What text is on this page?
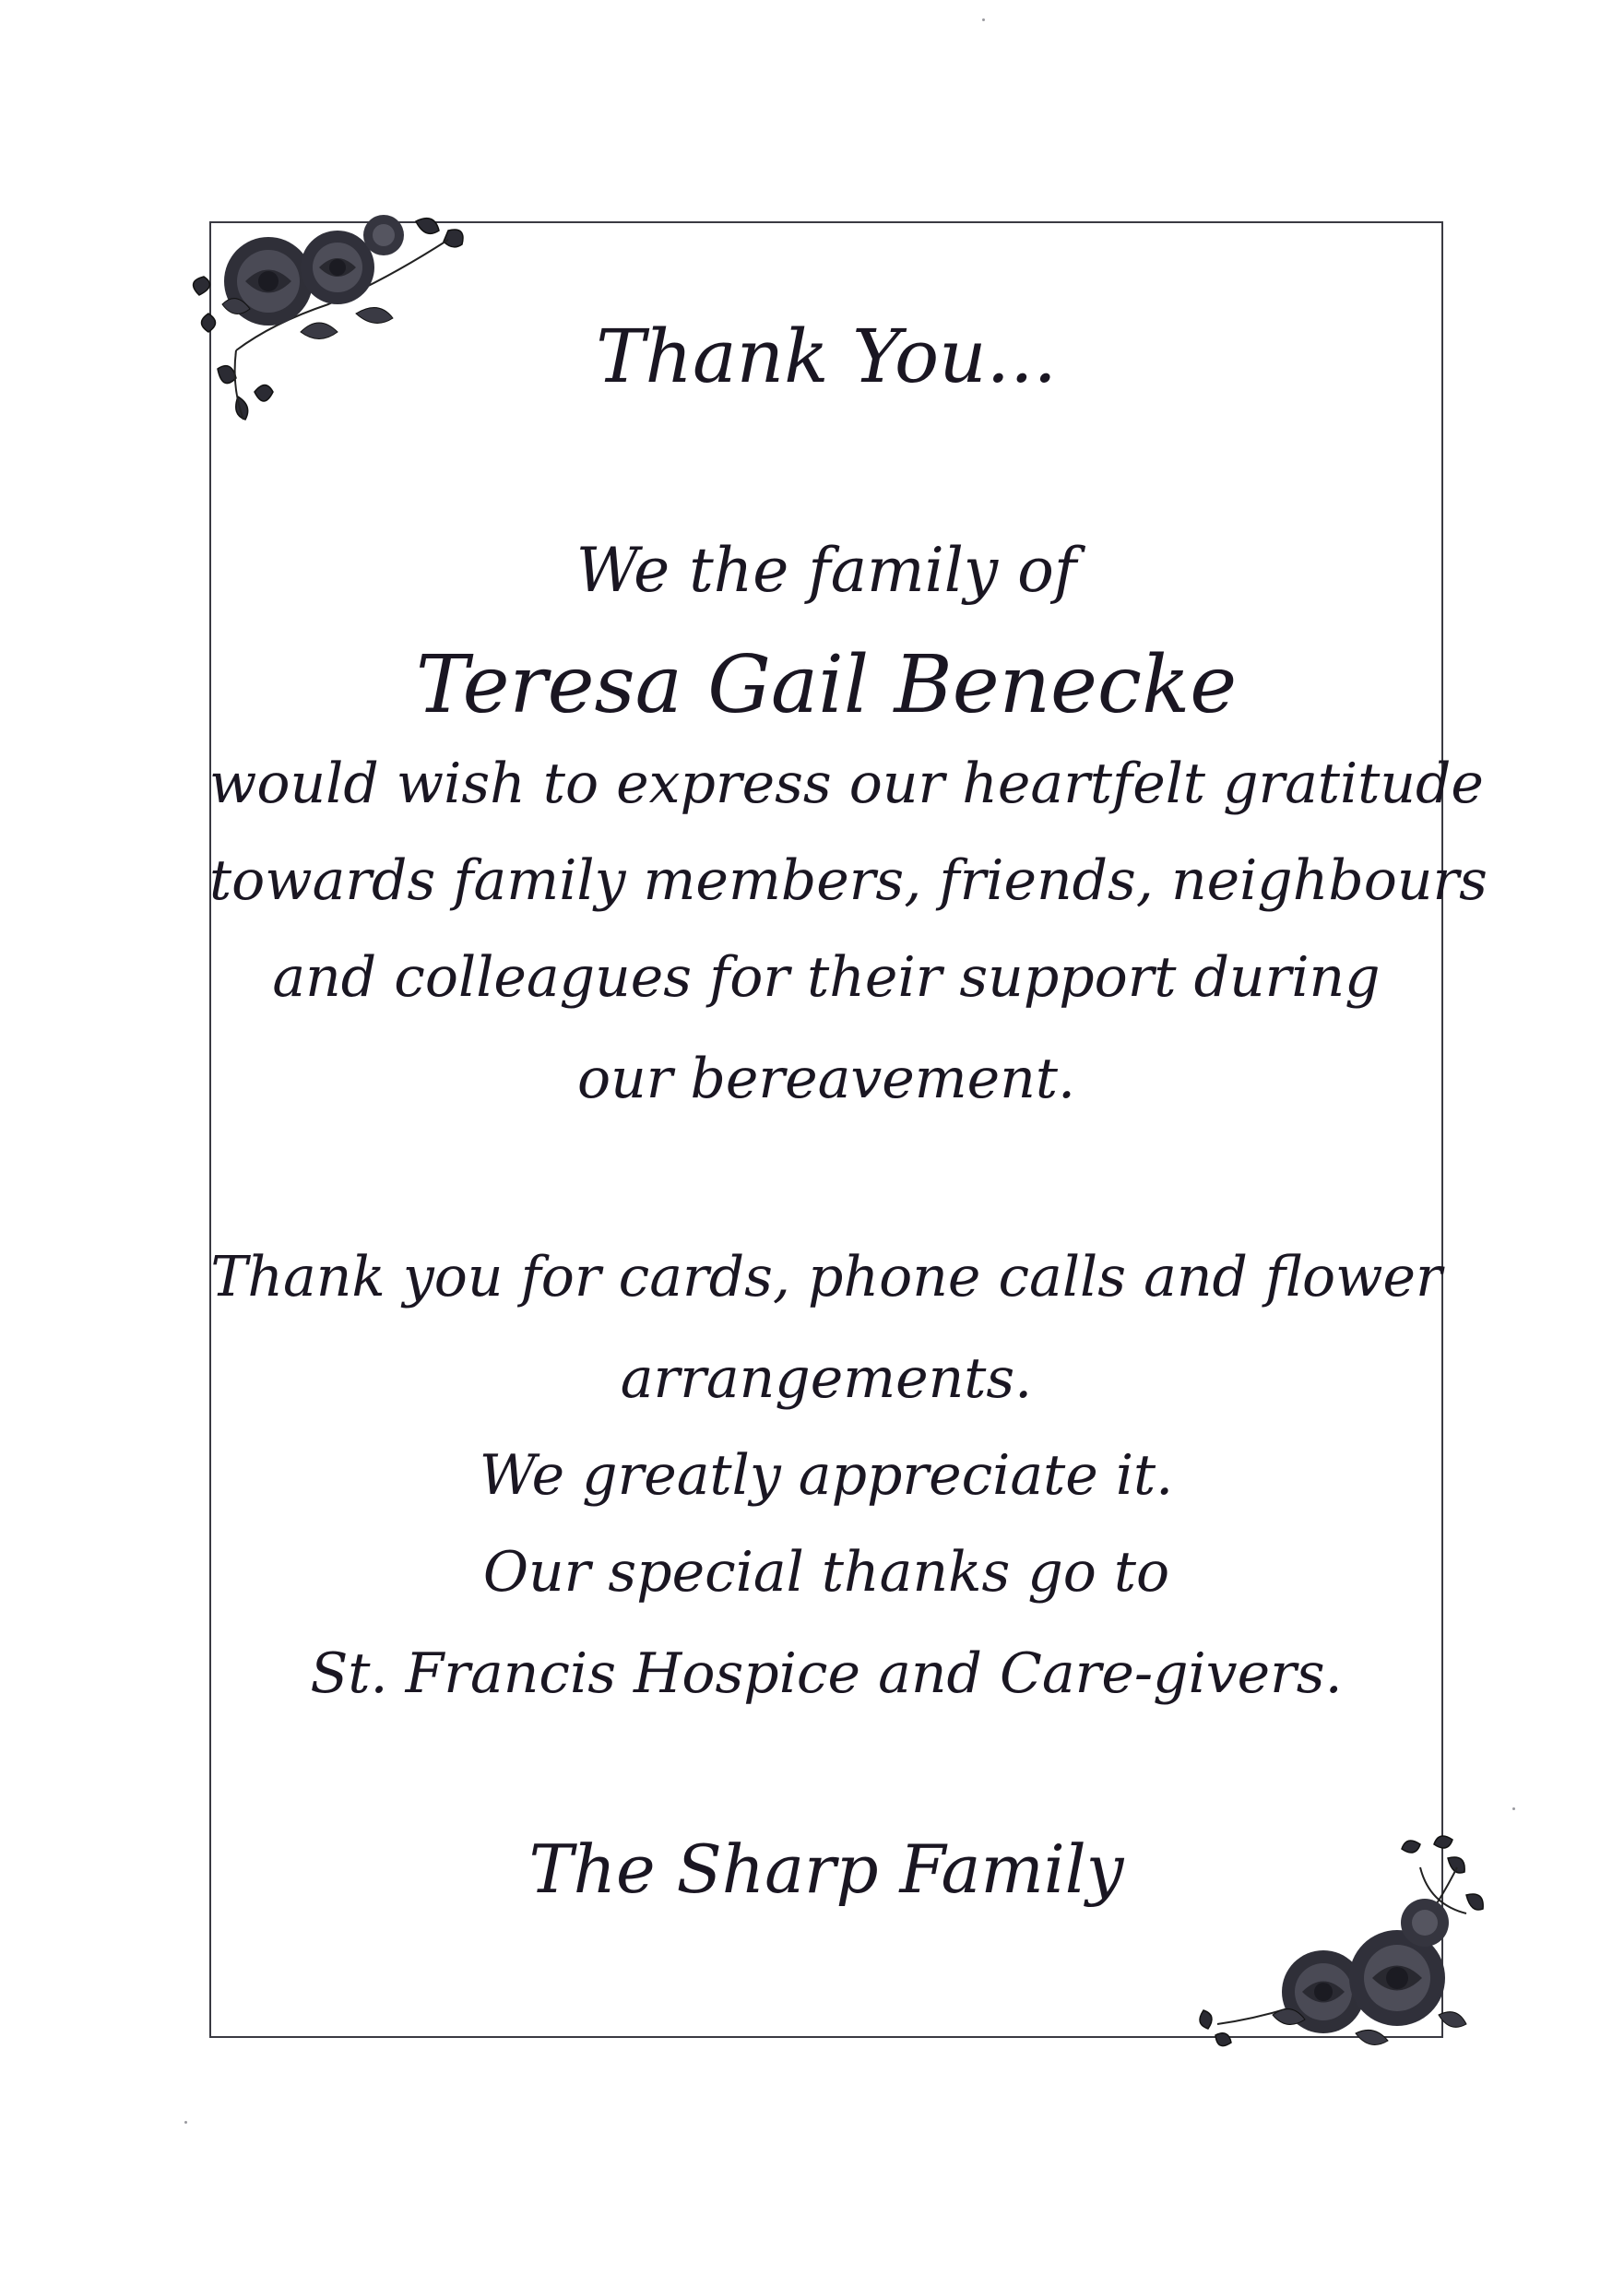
Thank You...
We the family of
Teresa Gail Benecke
would wish to express our heartfelt gratitude
towards family members, friends, neighbours
and colleagues for their support during
our bereavement.
Thank you for cards, phone calls and flower
arrangements.
We greatly appreciate it.
Our special thanks go to
St. Francis Hospice and Care-givers.
The Sharp Family
